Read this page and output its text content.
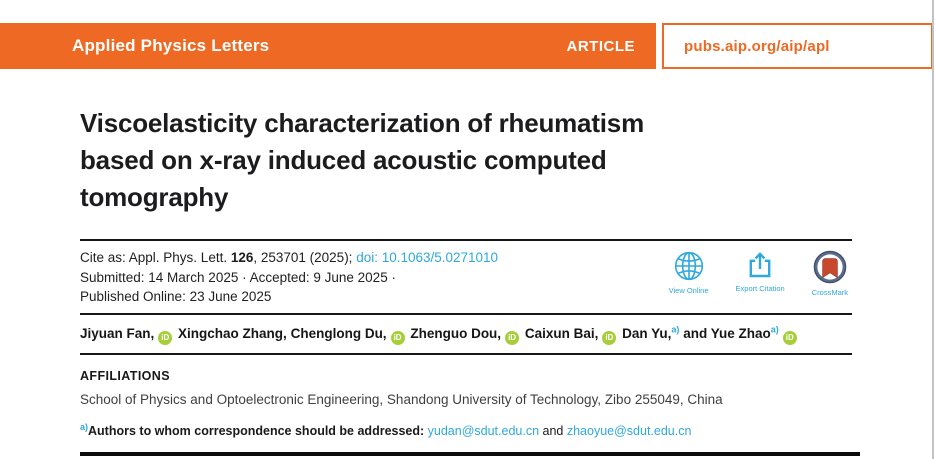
Applied Physics Letters	ARTICLE	pubs.aip.org/aip/apl
Viscoelasticity characterization of rheumatism
based on x-ray induced acoustic computed
tomography
Cite as: Appl. Phys. Lett. 126, 253701 (2025); doi: 10.1063/5.0271010
Submitted: 14 March 2025 · Accepted: 9 June 2025 ·
Published Online: 23 June 2025	View Online	Export Citation	CrossMark
Jiyuan Fan, iD Xingchao Zhang, Chenglong Du, iD Zhenguo Dou, iD Caixun Bai, iD Dan Yu,$^{a)}$ and Yue Zhao$^{a)}$iD
AFFILIATIONS
School of Physics and Optoelectronic Engineering, Shandong University of Technology, Zibo 255049, China
$^{a)}$Authors to whom correspondence should be addressed: yudan@sdut.edu.cn and zhaoyue@sdut.edu.cn
